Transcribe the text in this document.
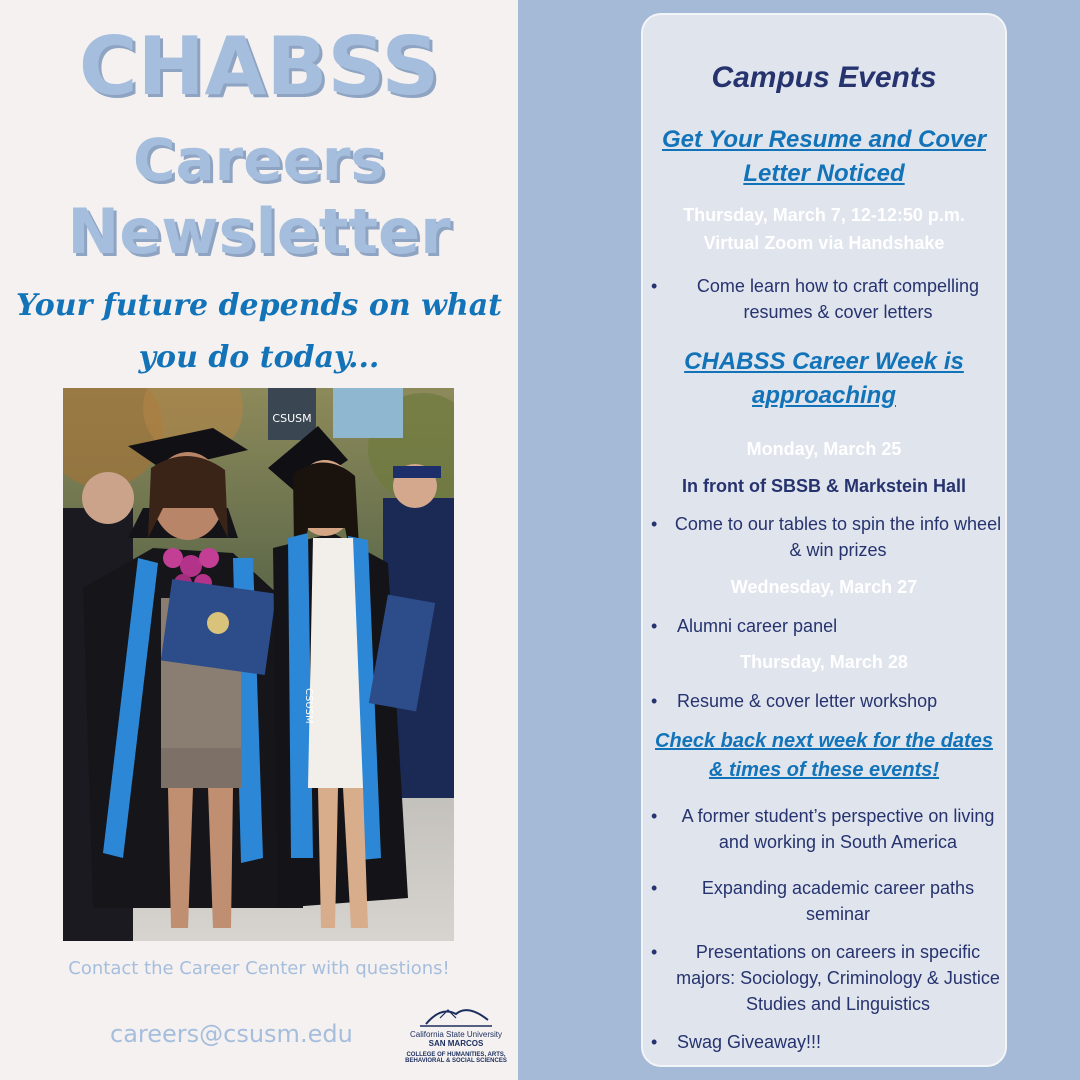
CHABSS
Careers
Newsletter
Your future depends on what you do today...
CSUSM
CSUSM
Contact the Career Center with questions!
careers@csusm.edu	California State University
SAN MARCOS
COLLEGE OF HUMANITIES, ARTS, BEHAVIORAL & SOCIAL SCIENCES
Campus Events
Get Your Resume and Cover Letter Noticed
Thursday, March 7, 12-12:50 p.m.
Virtual Zoom via Handshake
•	Come learn how to craft compelling resumes & cover letters
CHABSS Career Week is approaching
Monday, March 25
In front of SBSB & Markstein Hall
• Come to our tables to spin the info wheel & win prizes
Wednesday, March 27
•	Alumni career panel
Thursday, March 28
•	Resume & cover letter workshop
Check back next week for the dates & times of these events!
•	A former student’s perspective on living and working in South America
•	Expanding academic career paths seminar
•	Presentations on careers in specific majors: Sociology, Criminology & Justice Studies and Linguistics
•	Swag Giveaway!!!
